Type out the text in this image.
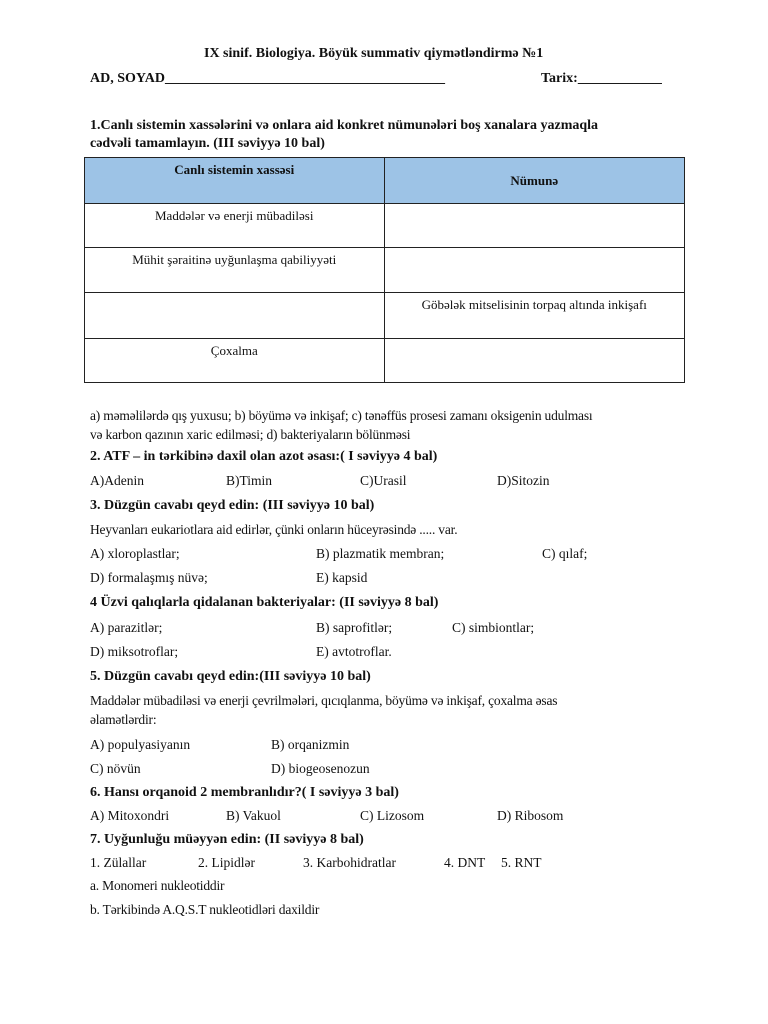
IX sinif. Biologiya. Böyük summativ qiymətləndirmə №1
AD, SOYAD________________________________________	Tarix:____________
1.Canlı sistemin xassələrini və onlara aid konkret nümunələri boş xanalara yazmaqla
cədvəli tamamlayın. (III səviyyə 10 bal)
Canlı sistemin xassəsi	Nümunə
Maddələr və enerji mübadiləsi	
Mühit şəraitinə uyğunlaşma qabiliyyəti	
	Göbələk mitselisinin torpaq altında inkişafı
Çoxalma	
a) məməlilərdə qış yuxusu; b) böyümə və inkişaf; c) tənəffüs prosesi zamanı oksigenin udulması
və karbon qazının xaric edilməsi; d) bakteriyaların bölünməsi
2. ATF – in tərkibinə daxil olan azot əsası:( I səviyyə 4 bal)
A)Adenin	B)Timin	C)Urasil	D)Sitozin
3. Düzgün cavabı qeyd edin: (III səviyyə 10 bal)
Heyvanları eukariotlara aid edirlər, çünki onların hüceyrəsində ..... var.
A) xloroplastlar;	B) plazmatik membran;	C) qılaf;
D) formalaşmış nüvə;	E) kapsid
4 Üzvi qalıqlarla qidalanan bakteriyalar: (II səviyyə 8 bal)
A) parazitlər;	B) saprofitlər;	C) simbiontlar;
D) miksotroflar;	E) avtotroflar.
5. Düzgün cavabı qeyd edin:(III səviyyə 10 bal)
Maddələr mübadiləsi və enerji çevrilmələri, qıcıqlanma, böyümə və inkişaf, çoxalma əsas
əlamətlərdir:
A) populyasiyanın	B) orqanizmin
C) növün	D) biogeosenozun
6. Hansı orqanoid 2 membranlıdır?( I səviyyə 3 bal)
A) Mitoxondri	B) Vakuol	C) Lizosom	D) Ribosom
7. Uyğunluğu müəyyən edin: (II səviyyə 8 bal)
1. Zülallar	2. Lipidlər	3. Karbohidratlar	4. DNT 5. RNT
a. Monomeri nukleotiddir
b. Tərkibində A.Q.S.T nukleotidləri daxildir
